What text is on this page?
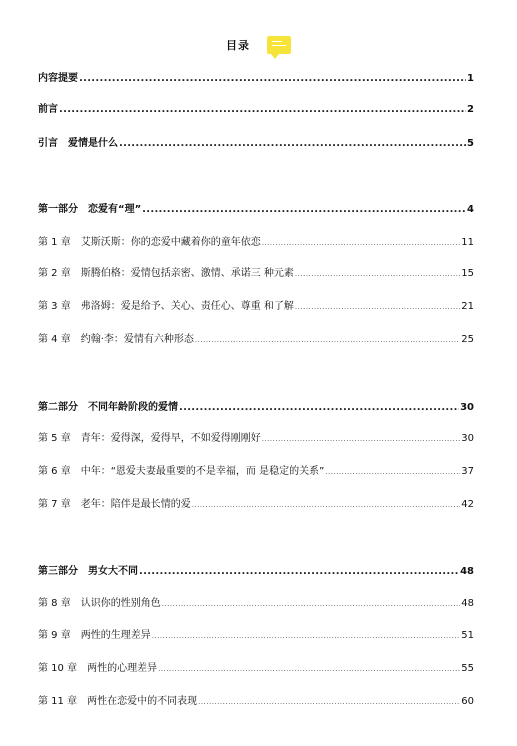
目录
内容提要 .....	1
前言 .....	2
引言 爱情是什么 .....	5
第一部分 恋爱有“理” .....	4
第 1 章 艾斯沃斯：你的恋爱中藏着你的童年依恋 .....	11
第 2 章 斯腾伯格：爱情包括亲密、激情、承诺三 种元素 .....	15
第 3 章 弗洛姆：爱是给予、关心、责任心、尊重 和了解 .....	21
第 4 章 约翰·李：爱情有六种形态 .....	25
第二部分 不同年龄阶段的爱情 .....	30
第 5 章 青年：爱得深，爱得早，不如爱得刚刚好 .....	30
第 6 章 中年：“恩爱夫妻最重要的不是幸福，而 是稳定的关系” .....	37
第 7 章 老年：陪伴是最长情的爱 .....	42
第三部分 男女大不同 .....	48
第 8 章 认识你的性别角色 .....	48
第 9 章 两性的生理差异 .....	51
第 10 章 两性的心理差异 .....	55
第 11 章 两性在恋爱中的不同表现 .....	60
